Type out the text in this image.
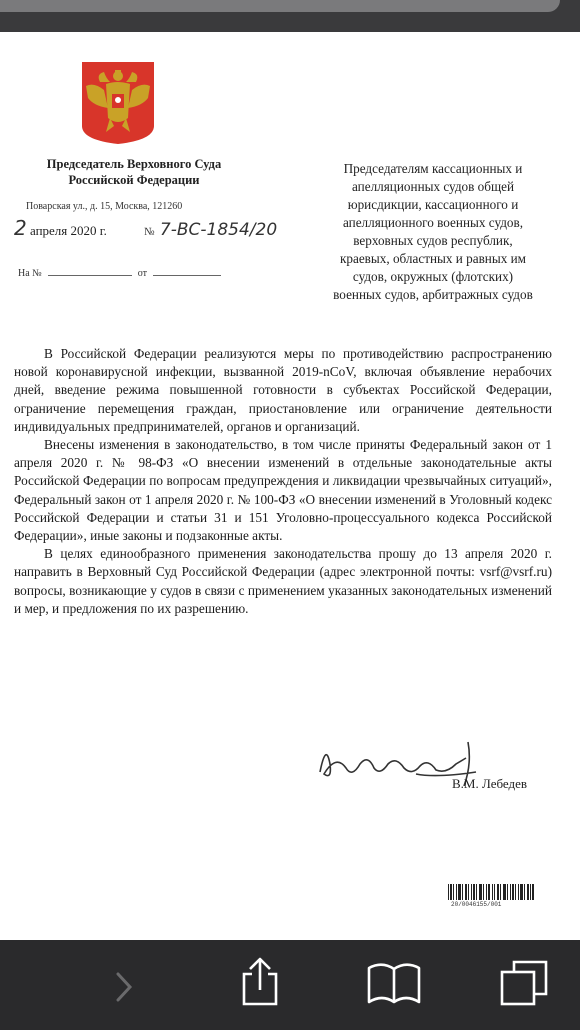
Председатель Верховного Суда
Российской Федерации
Поварская ул., д. 15, Москва, 121260
2 апреля 2020 г.	№ 7-ВС-1854/20
На №	от
Председателям кассационных и
апелляционных судов общей
юрисдикции, кассационного и
апелляционного военных судов,
верховных судов республик,
краевых, областных и равных им
судов, окружных (флотских)
военных судов, арбитражных судов

В Российской Федерации реализуются меры по противодействию распространению новой коронавирусной инфекции, вызванной 2019-nCoV, включая объявление нерабочих дней, введение режима повышенной готовности в субъектах Российской Федерации, ограничение перемещения граждан, приостановление или ограничение деятельности индивидуальных предпринимателей, органов и организаций.

Внесены изменения в законодательство, в том числе приняты Федеральный закон от 1 апреля 2020 г. № 98-ФЗ «О внесении изменений в отдельные законодательные акты Российской Федерации по вопросам предупреждения и ликвидации чрезвычайных ситуаций», Федеральный закон от 1 апреля 2020 г. № 100-ФЗ «О внесении изменений в Уголовный кодекс Российской Федерации и статьи 31 и 151 Уголовно-процессуального кодекса Российской Федерации», иные законы и подзаконные акты.

В целях единообразного применения законодательства прошу до 13 апреля 2020 г. направить в Верховный Суд Российской Федерации (адрес электронной почты: vsrf@vsrf.ru) вопросы, возникающие у судов в связи с применением указанных законодательных изменений и мер, и предложения по их разрешению.

В.М. Лебедев
20/0046155/001
